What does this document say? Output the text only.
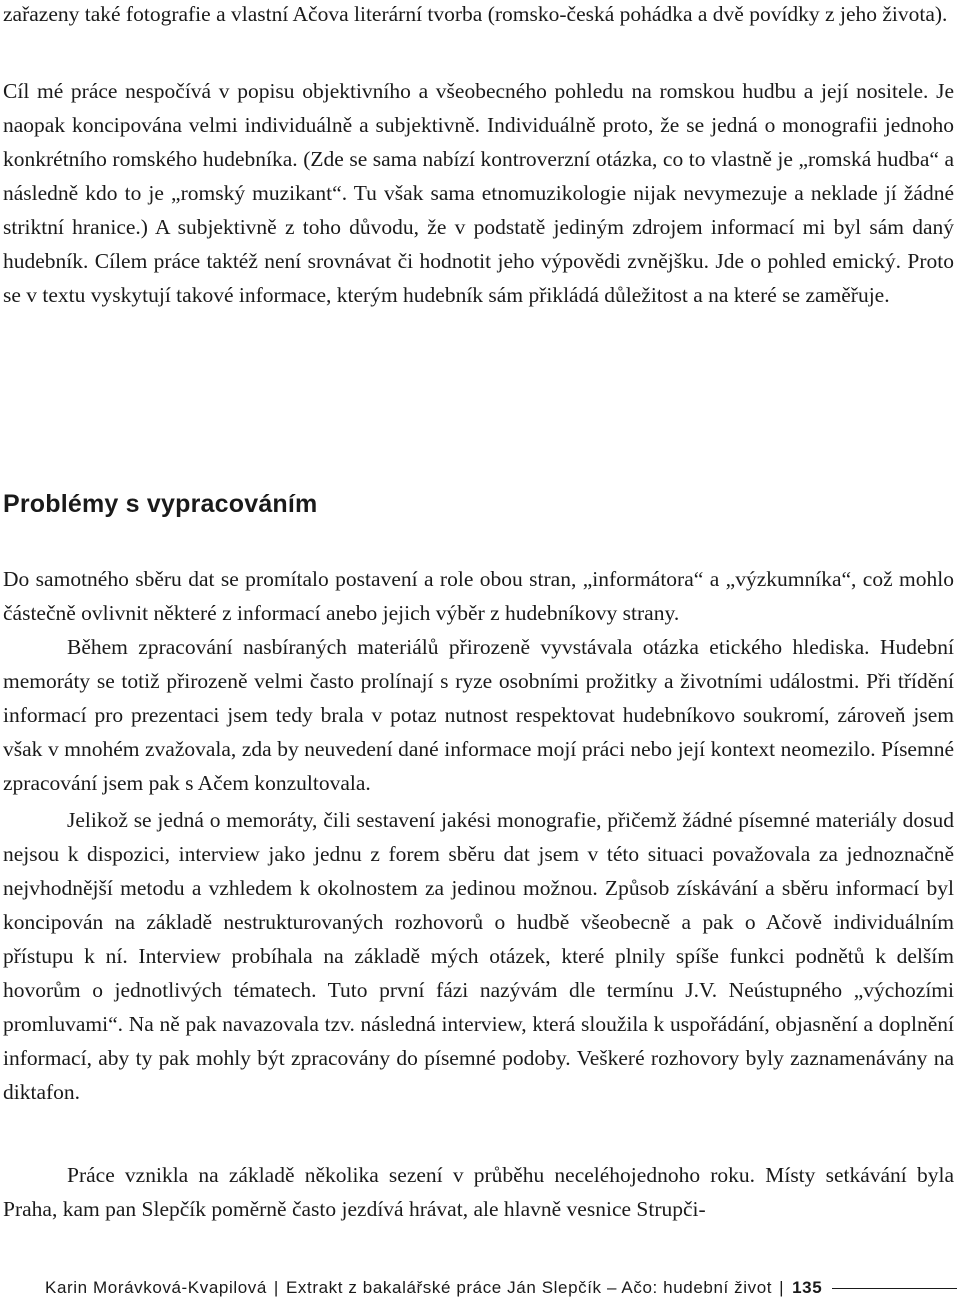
zařazeny také fotografie a vlastní Ačova literární tvorba (romsko-česká pohádka a dvě povídky z jeho života).

Cíl mé práce nespočívá v popisu objektivního a všeobecného pohledu na romskou hudbu a její nositele. Je naopak koncipována velmi individuálně a subjektivně. Individuálně proto, že se jedná o monografii jednoho konkrétního romského hudebníka. (Zde se sama nabízí kontroverzní otázka, co to vlastně je „romská hudba“ a následně kdo to je „romský muzikant“. Tu však sama etnomuzikologie nijak nevymezuje a neklade jí žádné striktní hranice.) A subjektivně z toho důvodu, že v podstatě jediným zdrojem informací mi byl sám daný hudebník. Cílem práce taktéž není srovnávat či hodnotit jeho výpovědi zvnějšku. Jde o pohled emický. Proto se v textu vyskytují takové informace, kterým hudebník sám přikládá důležitost a na které se zaměřuje.

Problémy s vypracováním

Do samotného sběru dat se promítalo postavení a role obou stran, „informátora“ a „výzkumníka“, což mohlo částečně ovlivnit některé z informací anebo jejich výběr z hudebníkovy strany.

Během zpracování nasbíraných materiálů přirozeně vyvstávala otázka etického hlediska. Hudební memoráty se totiž přirozeně velmi často prolínají s ryze osobními prožitky a životními událostmi. Při třídění informací pro prezentaci jsem tedy brala v potaz nutnost respektovat hudebníkovo soukromí, zároveň jsem však v mnohém zvažovala, zda by neuvedení dané informace mojí práci nebo její kontext neomezilo. Písemné zpracování jsem pak s Ačem konzultovala.

Jelikož se jedná o memoráty, čili sestavení jakési monografie, přičemž žádné písemné materiály dosud nejsou k dispozici, interview jako jednu z forem sběru dat jsem v této situaci považovala za jednoznačně nejvhodnější metodu a vzhledem k okolnostem za jedinou možnou. Způsob získávání a sběru informací byl koncipován na základě nestrukturovaných rozhovorů o hudbě všeobecně a pak o Ačově individuálním přístupu k ní. Interview probíhala na základě mých otázek, které plnily spíše funkci podnětů k delším hovorům o jednotlivých tématech. Tuto první fázi nazývám dle termínu J.V. Neústupného „výchozími promluvami“. Na ně pak navazovala tzv. následná interview, která sloužila k uspořádání, objasnění a doplnění informací, aby ty pak mohly být zpracovány do písemné podoby. Veškeré rozhovory byly zaznamenávány na diktafon.

Práce vznikla na základě několika sezení v průběhu neceléhojednoho roku. Místy setkávání byla Praha, kam pan Slepčík poměrně často jezdívá hrávat, ale hlavně vesnice Strupči-

Karin Morávková-Kvapilová | Extrakt z bakalářské práce Ján Slepčík – Ačo: hudební život | 135
